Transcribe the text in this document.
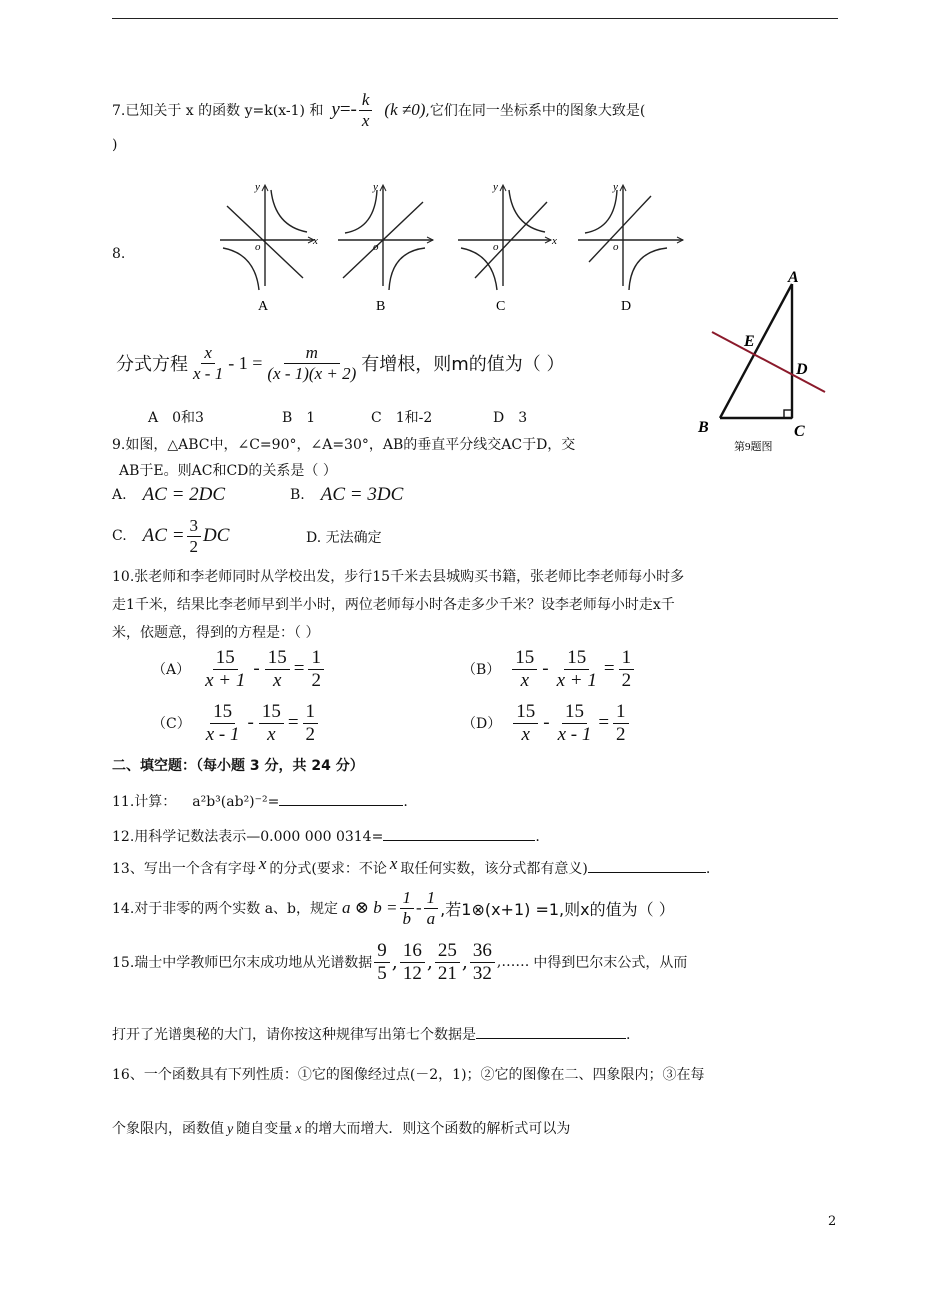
7.已知关于 x 的函数 y=k(x-1) 和 $y =- \frac{k}{x} (k \ne 0)$ ,它们在同一坐标系中的图象大致是(
)
8.
y
x
o
A
y
o
B
y
x
o
C
y
o
D
分式方程 $\frac{x}{x - 1} - 1 = \frac{m}{(x - 1)(x + 2)}$ 有增根，则m的值为（ ）
A　0和3	B　1	C　1和-2	D　3
A
B	C
D
E
第9题图
9.如图，△ABC中，∠C=90°，∠A=30°，AB的垂直平分线交AC于D，交
AB于E。则AC和CD的关系是（ ）
A. AC = 2DC	B. AC = 3DC
C. AC = $\frac{3}{2}$ DC	D. 无法确定
10.张老师和李老师同时从学校出发，步行15千米去县城购买书籍，张老师比李老师每小时多
走1千米，结果比李老师早到半小时，两位老师每小时各走多少千米？设李老师每小时走x千
米，依题意，得到的方程是：（ ）
$(A) \frac{15}{x + 1} - \frac{15}{x} = \frac{1}{2}$	$(B) \frac{15}{x} - \frac{15}{x + 1} = \frac{1}{2}$
$(C) \frac{15}{x - 1} - \frac{15}{x} = \frac{1}{2}$	$(D) \frac{15}{x} - \frac{15}{x - 1} = \frac{1}{2}$
二、填空题：（每小题 3 分，共 24 分）
11.计算： a²b³(ab²)⁻²=	.
12.用科学记数法表示—0.000 000 0314=	.
13、写出一个含有字母 x 的分式(要求：不论 x 取任何实数，该分式都有意义)	.
14.对于非零的两个实数 a、b，规定 a ⊗ $b = \frac{1}{b} - \frac{1}{a}$ ,若1⊗(x+1) =1,则x的值为（ ）
15.瑞士中学教师巴尔末成功地从光谱数据 $\frac{9}{5}$ , $\frac{16}{12}$ , $\frac{25}{21}$ , $\frac{36}{32}$ ,…… 中得到巴尔末公式，从而
打开了光谱奥秘的大门，请你按这种规律写出第七个数据是	.
16、一个函数具有下列性质：①它的图像经过点(－2，1)；②它的图像在二、四象限内；③在每
个象限内，函数值 y 随自变量 x 的增大而增大．则这个函数的解析式可以为
2
